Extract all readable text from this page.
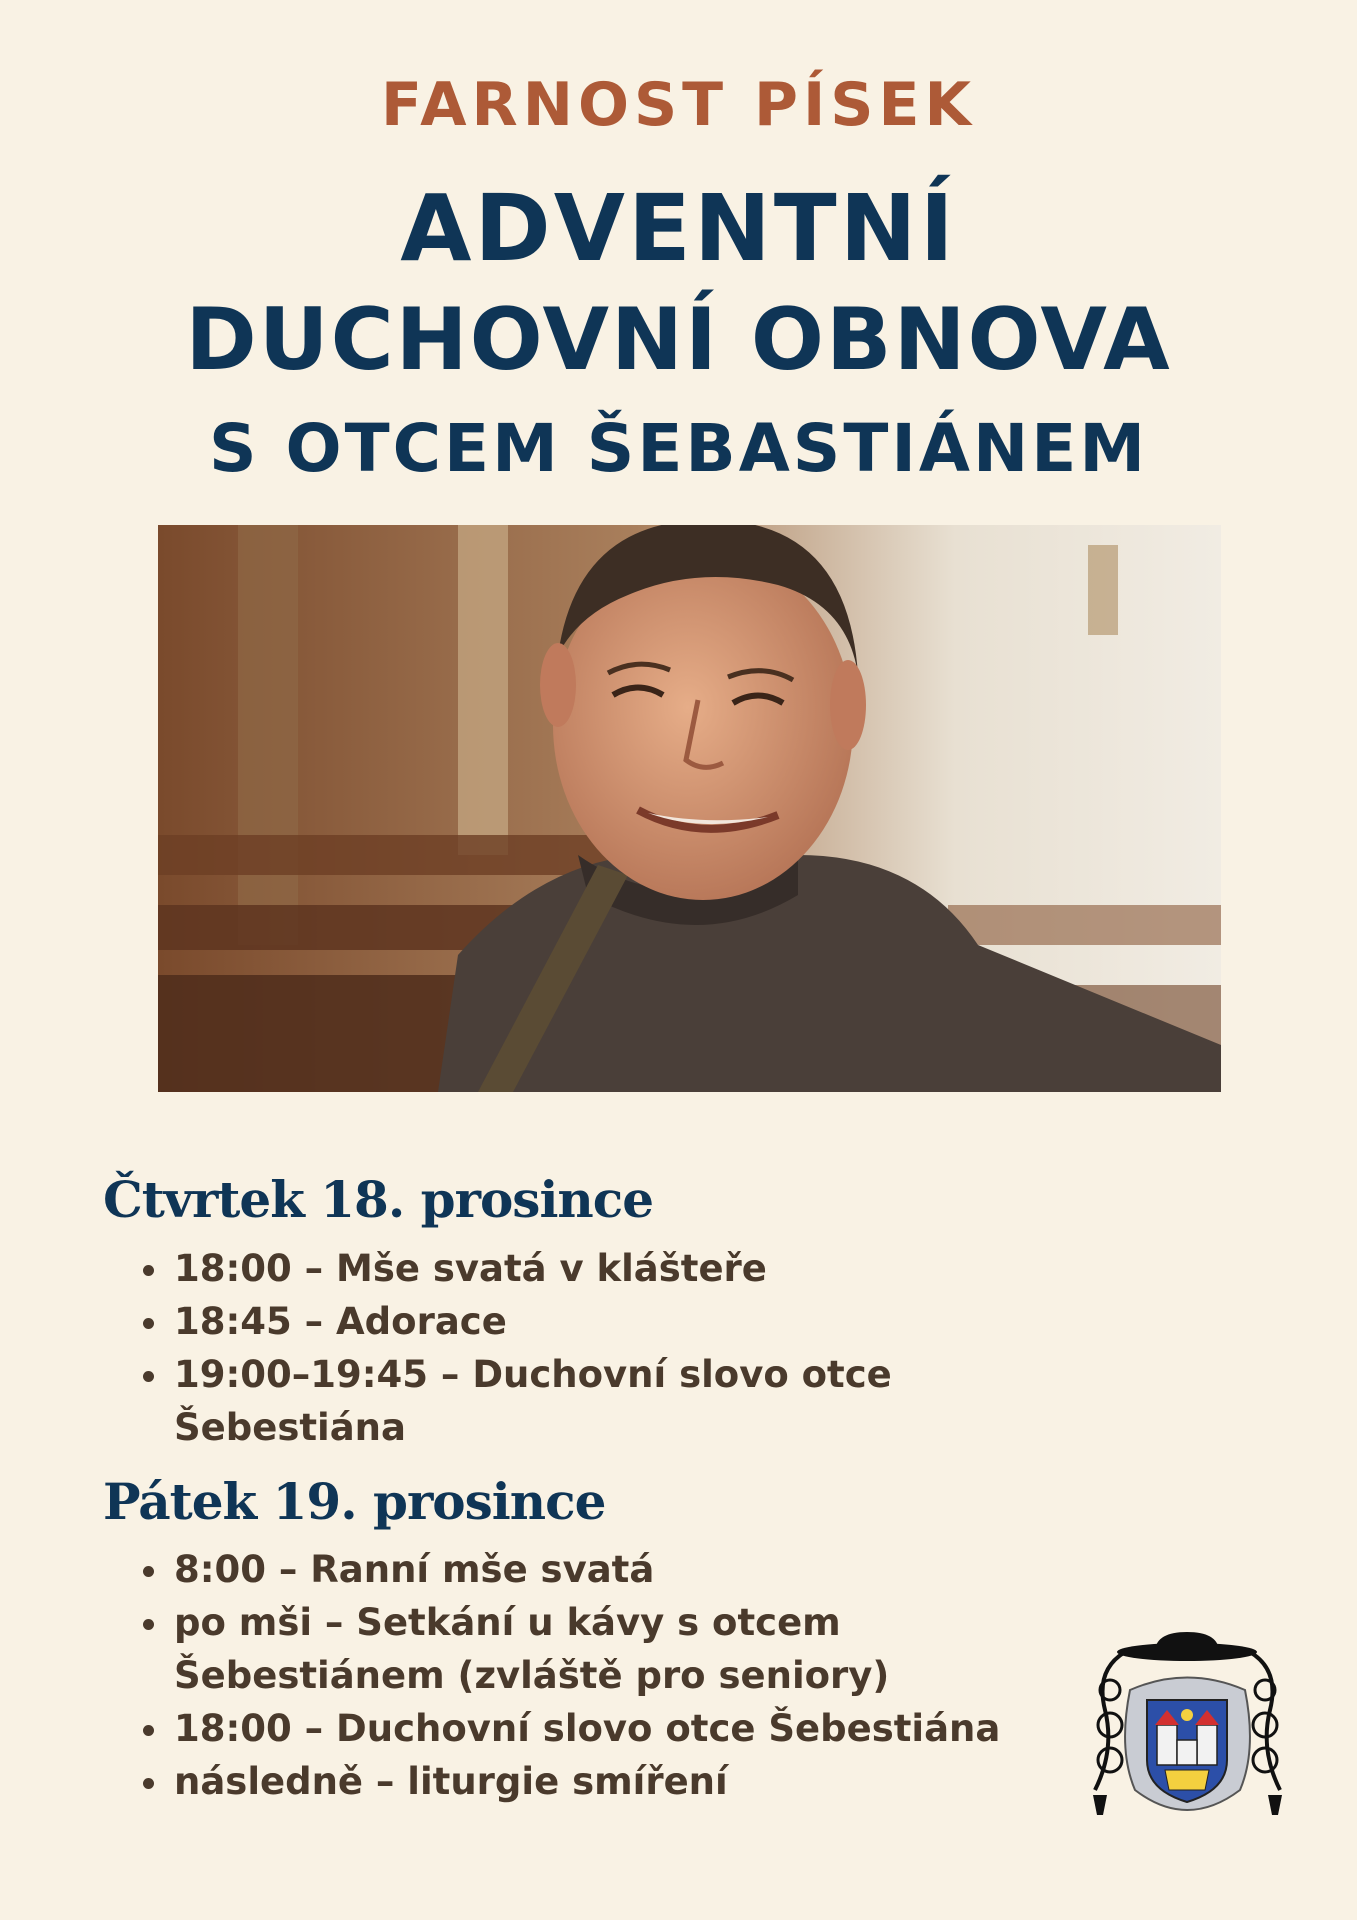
FARNOST PÍSEK
ADVENTNÍ
DUCHOVNÍ OBNOVA
S OTCEM ŠEBASTIÁNEM
Čtvrtek 18. prosince
• 18:00 – Mše svatá v klášteře
• 18:45 – Adorace
• 19:00–19:45 – Duchovní slovo otce Šebestiána
Pátek 19. prosince
• 8:00 – Ranní mše svatá
• po mši – Setkání u kávy s otcem Šebestiánem (zvláště pro seniory)
• 18:00 – Duchovní slovo otce Šebestiána
• následně – liturgie smíření
